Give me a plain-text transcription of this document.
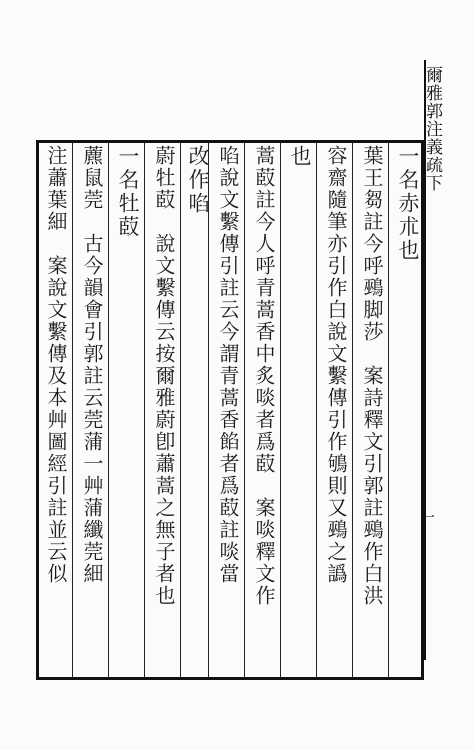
爾雅郭注義疏下
一
一名赤朮也
葉王芻註今呼鵐脚莎　案詩釋文引郭註鵐作白洪
容齋隨筆亦引作白說文繫傳引作鴝則又鵐之譌
也
蒿菣註今人呼青蒿香中炙啖者爲菣　案啖釋文作
啗說文繫傳引註云今謂青蒿香餡者爲菣註啖當
改作啗
蔚牡菣　說文繫傳云按爾雅蔚卽蕭蒿之無子者也
一名牡菣
藨鼠莞　古今韻會引郭註云莞蒲一艸蒲纖莞細
注蕭葉細　案說文繫傳及本艸圖經引註並云似
